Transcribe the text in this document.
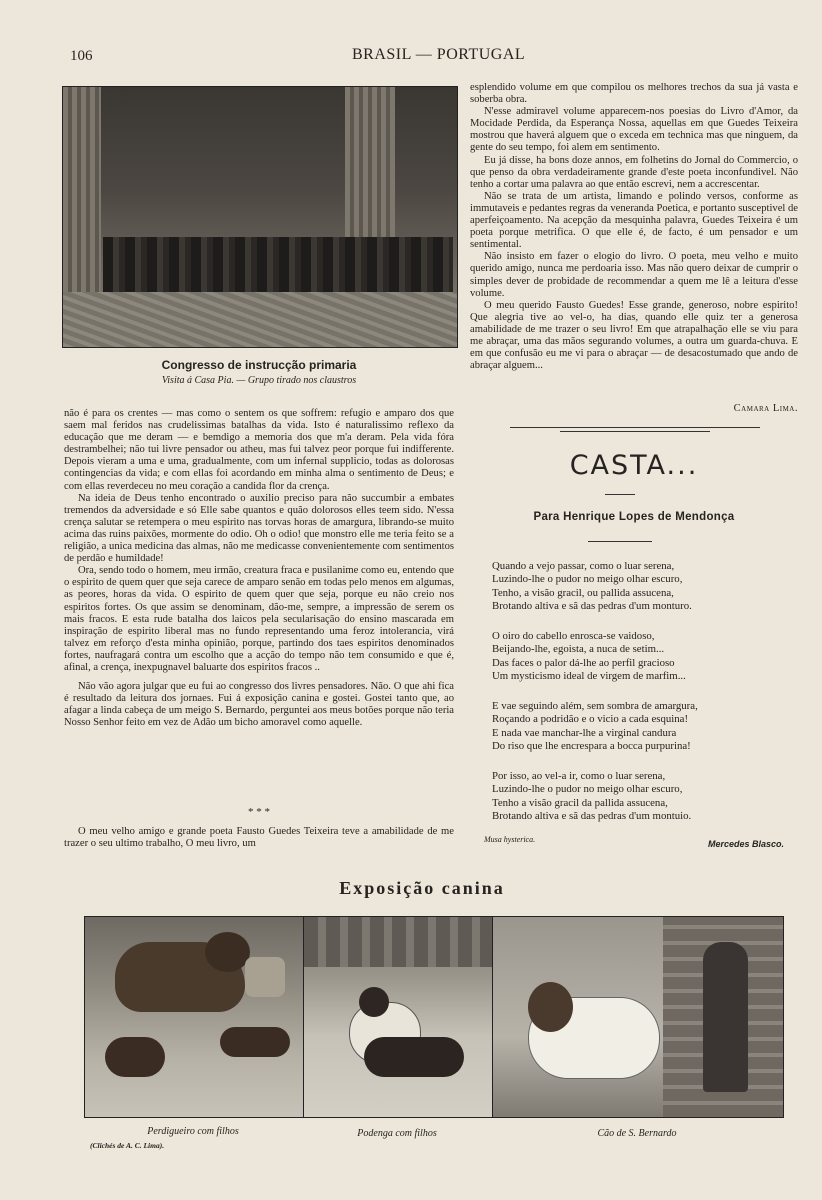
106	BRASIL — PORTUGAL
Congresso de instrucção primaria
Visita á Casa Pia. — Grupo tirado nos claustros

não é para os crentes — mas como o sentem os que soffrem: refugio e amparo dos que saem mal feridos nas crudelissimas batalhas da vida. Isto é naturalissimo reflexo da educação que me deram — e bemdigo a memoria dos que m'a deram. Pela vida fóra destrambelhei; não tui livre pensador ou atheu, mas fui talvez peor porque fui indifferente. Depois vieram a uma e uma, gradualmente, com um infernal supplicio, todas as dolorosas contingencias da vida; e com ellas foi acordando em minha alma o sentimento de Deus; e com ellas reverdeceu no meu coração a candida flor da crença.

Na ideia de Deus tenho encontrado o auxilio preciso para não succumbir a embates tremendos da adversidade e só Elle sabe quantos e quão dolorosos elles teem sido. N'essa crença salutar se retempera o meu espirito nas torvas horas de amargura, librando-se muito acima das ruins paixões, mormente do odio. Oh o odio! que monstro elle me teria feito se a religião, a unica medicina das almas, não me medicasse convenientemente com sentimentos de perdão e humildade!

Ora, sendo todo o homem, meu irmão, creatura fraca e pusilanime como eu, entendo que o espirito de quem quer que seja carece de amparo senão em todas pelo menos em algumas, as peores, horas da vida. O espirito de quem quer que seja, porque eu não creio nos espiritos fortes. Os que assim se denominam, dão-me, sempre, a impressão de serem os mais fracos. E esta rude batalha dos laicos pela secularisação do ensino mascarada em inspiração de espirito liberal mas no fundo representando uma feroz intolerancia, virá talvez em reforço d'esta minha opinião, porque, partindo dos taes espiritos denominados fortes, naufragará contra um escolho que a acção do tempo não tem consumido e que é, afinal, a crença, inexpugnavel baluarte dos espiritos fracos ..

Não vão agora julgar que eu fui ao congresso dos livres pensadores. Não. O que ahi fica é resultado da leitura dos jornaes. Fui á exposição canina e gostei. Gostei tanto que, ao afagar a linda cabeça de um meigo S. Bernardo, perguntei aos meus botões porque não teria Nosso Senhor feito em vez de Adão um bicho amoravel como aquelle.

* * *

O meu velho amigo e grande poeta Fausto Guedes Teixeira teve a amabilidade de me trazer o seu ultimo trabalho, O meu livro, um

esplendido volume em que compilou os melhores trechos da sua já vasta e soberba obra.

N'esse admiravel volume apparecem-nos poesias do Livro d'Amor, da Mocidade Perdida, da Esperança Nossa, aquellas em que Guedes Teixeira mostrou que haverá alguem que o exceda em technica mas que ninguem, da gente do seu tempo, foi alem em sentimento.

Eu já disse, ha bons doze annos, em folhetins do Jornal do Commercio, o que penso da obra verdadeiramente grande d'este poeta inconfundivel. Não tenho a cortar uma palavra ao que então escrevi, nem a accrescentar.

Não se trata de um artista, limando e polindo versos, conforme as immutaveis e pedantes regras da veneranda Poetica, e portanto susceptivel de aperfeiçoamento. Na acepção da mesquinha palavra, Guedes Teixeira é um poeta porque metrifica. O que elle é, de facto, é um pensador e um sentimental.

Não insisto em fazer o elogio do livro. O poeta, meu velho e muito querido amigo, nunca me perdoaria isso. Mas não quero deixar de cumprir o simples dever de probidade de recommendar a quem me lê a leitura d'esse volume.

O meu querido Fausto Guedes! Esse grande, generoso, nobre espirito! Que alegria tive ao vel-o, ha dias, quando elle quiz ter a generosa amabilidade de me trazer o seu livro! Em que atrapalhação elle se viu para me abraçar, uma das mãos segurando volumes, a outra um guarda-chuva. E em que confusão eu me vi para o abraçar — de desacostumado que ando de abraçar alguem...

Camara Lima.
CASTA...
Para Henrique Lopes de Mendonça
Quando a vejo passar, como o luar serena,
Luzindo-lhe o pudor no meigo olhar escuro,
Tenho, a visão gracil, ou pallida assucena,
Brotando altiva e sã das pedras d'um monturo.
O oiro do cabello enrosca-se vaidoso,
Beijando-lhe, egoista, a nuca de setim...
Das faces o palor dá-lhe ao perfil gracioso
Um mysticismo ideal de virgem de marfim...
E vae seguindo além, sem sombra de amargura,
Roçando a podridão e o vicio a cada esquina!
E nada vae manchar-lhe a virginal candura
Do riso que lhe encrespara a bocca purpurina!
Por isso, ao vel-a ir, como o luar serena,
Luzindo-lhe o pudor no meigo olhar escuro,
Tenho a visão gracil da pallida assucena,
Brotando altiva e sã das pedras d'um montuio.
Musa hysterica.	Mercedes Blasco.
Exposição canina
Perdigueiro com filhos	Podenga com filhos	Cão de S. Bernardo
(Clichés de A. C. Lima).
